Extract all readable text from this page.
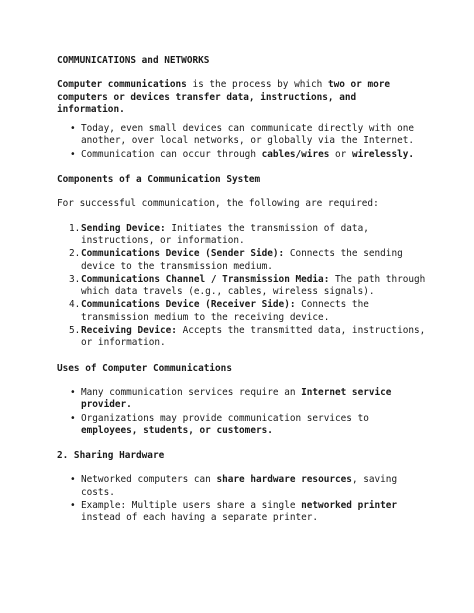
COMMUNICATIONS and NETWORKS

Computer communications is the process by which two or more computers or devices transfer data, instructions, and information.

• Today, even small devices can communicate directly with one another, over local networks, or globally via the Internet.
• Communication can occur through cables/wires or wirelessly.
Components of a Communication System

For successful communication, the following are required:

1. Sending Device: Initiates the transmission of data, instructions, or information.
2. Communications Device (Sender Side): Connects the sending device to the transmission medium.
3. Communications Channel / Transmission Media: The path through which data travels (e.g., cables, wireless signals).
4. Communications Device (Receiver Side): Connects the transmission medium to the receiving device.
5. Receiving Device: Accepts the transmitted data, instructions, or information.
Uses of Computer Communications
• Many communication services require an Internet service provider.
• Organizations may provide communication services to employees, students, or customers.
2. Sharing Hardware
• Networked computers can share hardware resources, saving costs.
• Example: Multiple users share a single networked printer instead of each having a separate printer.
